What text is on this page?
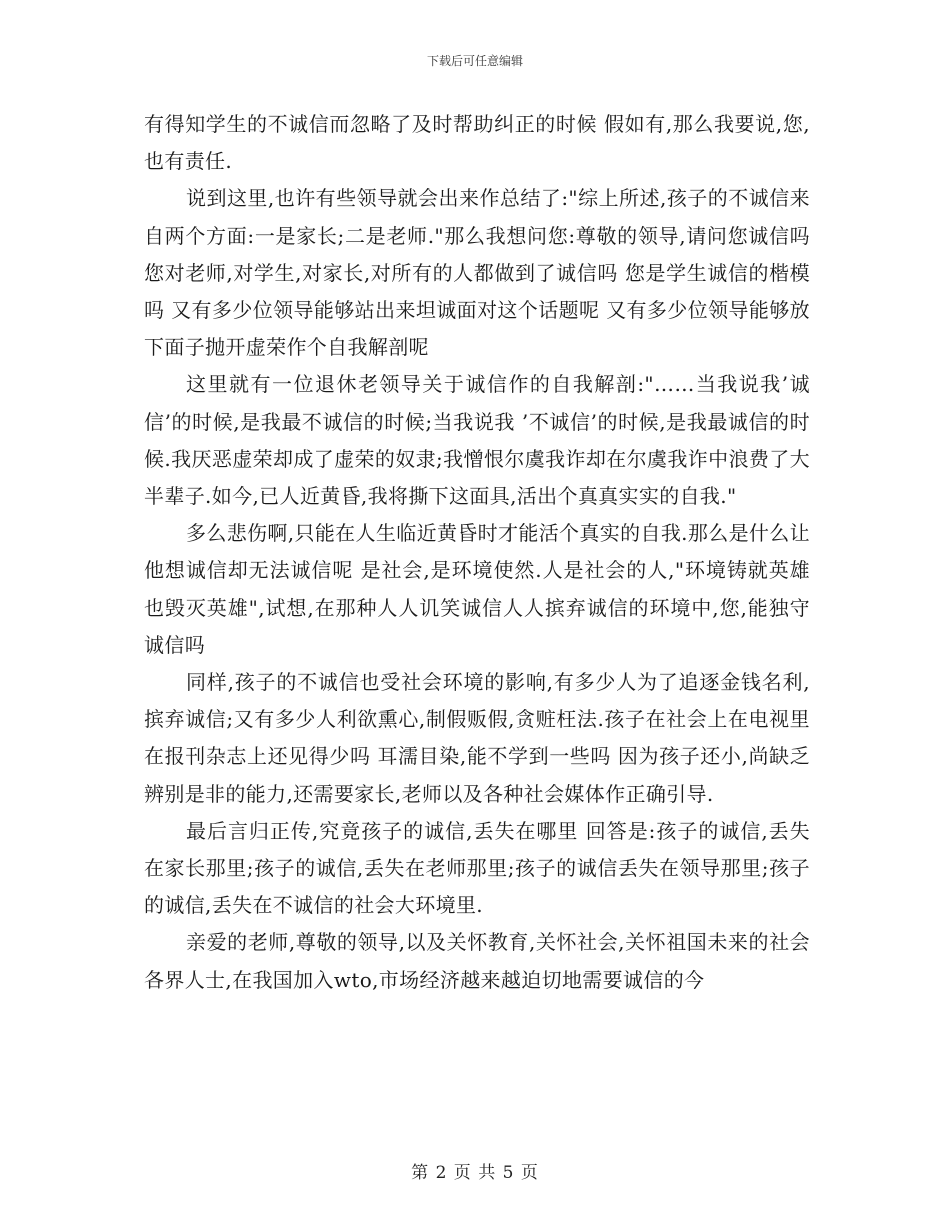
下载后可任意编辑

有得知学生的不诚信而忽略了及时帮助纠正的时候 假如有,那么我要说,您,也有责任.

说到这里,也许有些领导就会出来作总结了:"综上所述,孩子的不诚信来自两个方面:一是家长;二是老师."那么我想问您:尊敬的领导,请问您诚信吗 您对老师,对学生,对家长,对所有的人都做到了诚信吗 您是学生诚信的楷模吗 又有多少位领导能够站出来坦诚面对这个话题呢 又有多少位领导能够放下面子抛开虚荣作个自我解剖呢

这里就有一位退休老领导关于诚信作的自我解剖:"……当我说我’诚信’的时候,是我最不诚信的时候;当我说我 ’不诚信’的时候,是我最诚信的时候.我厌恶虚荣却成了虚荣的奴隶;我憎恨尔虞我诈却在尔虞我诈中浪费了大半辈子.如今,已人近黄昏,我将撕下这面具,活出个真真实实的自我."

多么悲伤啊,只能在人生临近黄昏时才能活个真实的自我.那么是什么让他想诚信却无法诚信呢 是社会,是环境使然.人是社会的人,"环境铸就英雄也毁灭英雄",试想,在那种人人讥笑诚信人人摈弃诚信的环境中,您,能独守诚信吗

同样,孩子的不诚信也受社会环境的影响,有多少人为了追逐金钱名利,摈弃诚信;又有多少人利欲熏心,制假贩假,贪赃枉法.孩子在社会上在电视里在报刊杂志上还见得少吗 耳濡目染,能不学到一些吗 因为孩子还小,尚缺乏辨别是非的能力,还需要家长,老师以及各种社会媒体作正确引导.

最后言归正传,究竟孩子的诚信,丢失在哪里 回答是:孩子的诚信,丢失在家长那里;孩子的诚信,丢失在老师那里;孩子的诚信丢失在领导那里;孩子的诚信,丢失在不诚信的社会大环境里.

亲爱的老师,尊敬的领导,以及关怀教育,关怀社会,关怀祖国未来的社会各界人士,在我国加入wto,市场经济越来越迫切地需要诚信的今

第 2 页 共 5 页
